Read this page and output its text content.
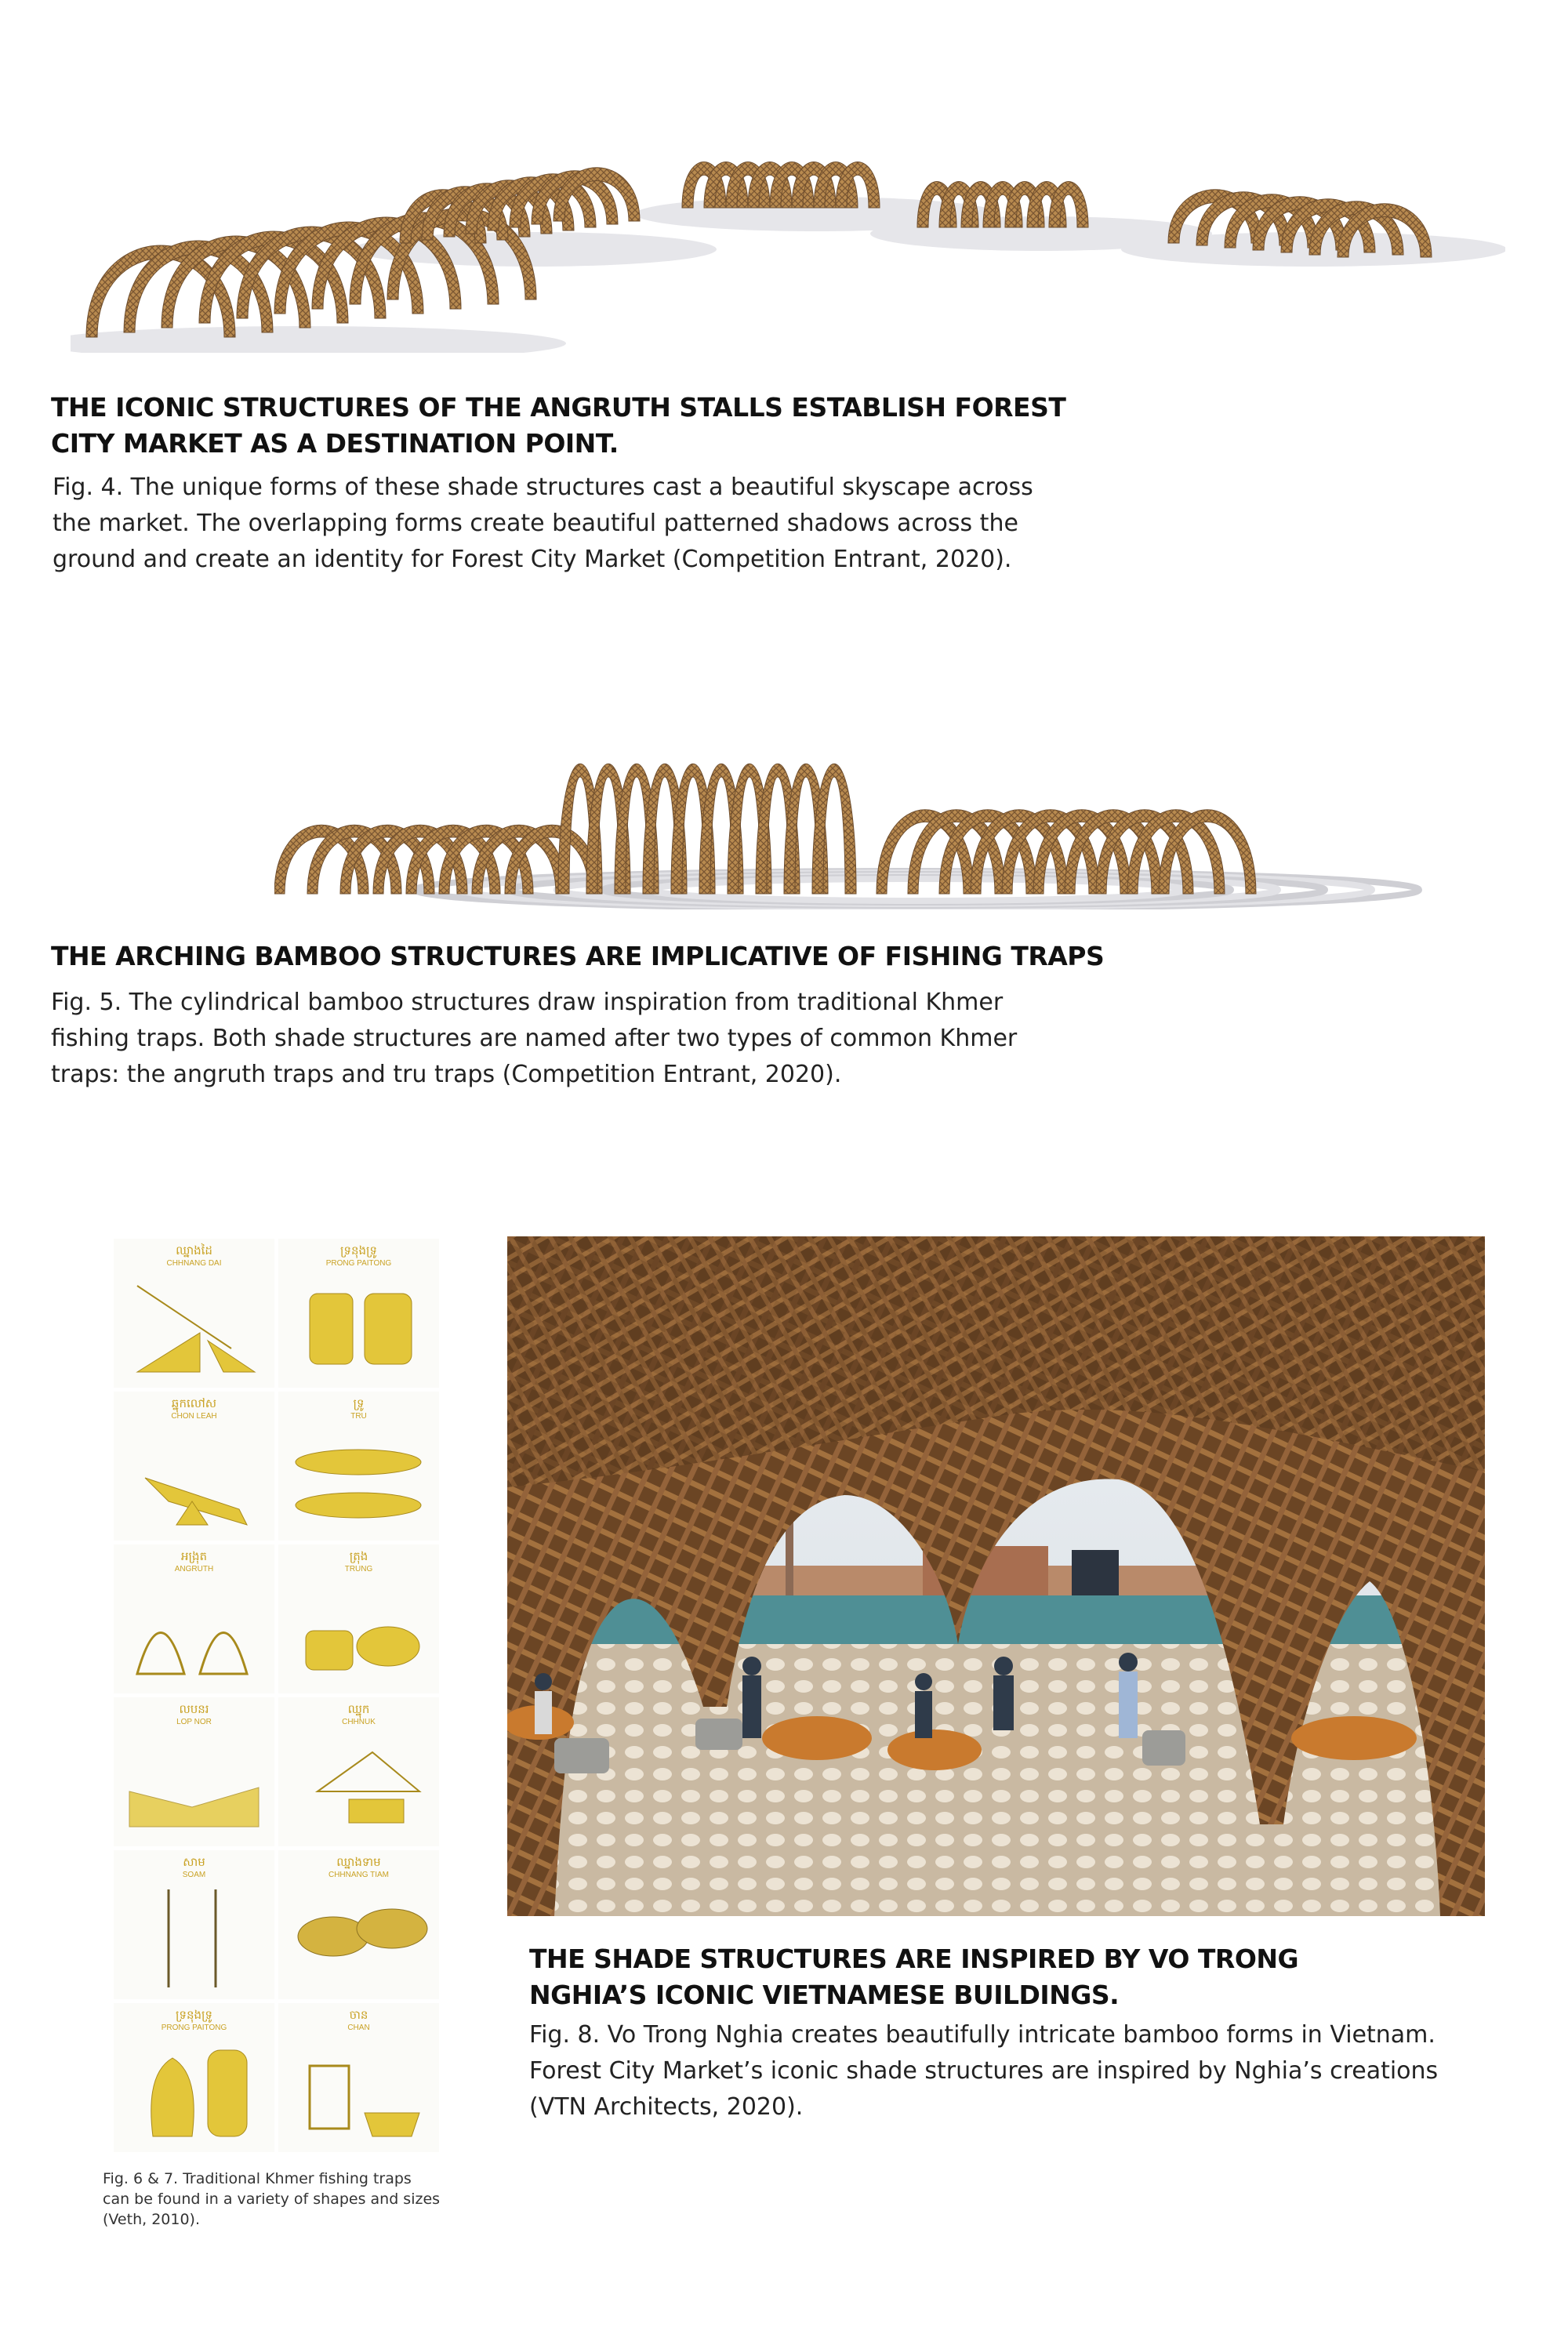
THE ICONIC STRUCTURES OF THE ANGRUTH STALLS ESTABLISH FOREST
CITY MARKET AS A DESTINATION POINT.

Fig. 4. The unique forms of these shade structures cast a beautiful skyscape across
the market. The overlapping forms create beautiful patterned shadows across the
ground and create an identity for Forest City Market (Competition Entrant, 2020).

THE ARCHING BAMBOO STRUCTURES ARE IMPLICATIVE OF FISHING TRAPS

Fig. 5. The cylindrical bamboo structures draw inspiration from traditional Khmer
fishing traps. Both shade structures are named after two types of common Khmer
traps: the angruth traps and tru traps (Competition Entrant, 2020).

ឈ្នាងដៃ
CHHNANG DAI
ទ្រនុងទ្រូ
PRONG PAITONG
ឆ្នុកលៅស
CHON LEAH
ទ្រូ
TRU
អង្រុត
ANGRUTH
ត្រុង
TRUNG
លបនរ
LOP NOR
ឈ្នុក
CHHNUK
សាម
SOAM
ឈ្នាងទាម
CHHNANG TIAM
ទ្រនុងទ្រូ
PRONG PAITONG
ចាន
CHAN
Fig. 6 & 7. Traditional Khmer fishing traps
can be found in a variety of shapes and sizes
(Veth, 2010).
THE SHADE STRUCTURES ARE INSPIRED BY VO TRONG
NGHIA’S ICONIC VIETNAMESE BUILDINGS.

Fig. 8. Vo Trong Nghia creates beautifully intricate bamboo forms in Vietnam.
Forest City Market’s iconic shade structures are inspired by Nghia’s creations
(VTN Architects, 2020).
